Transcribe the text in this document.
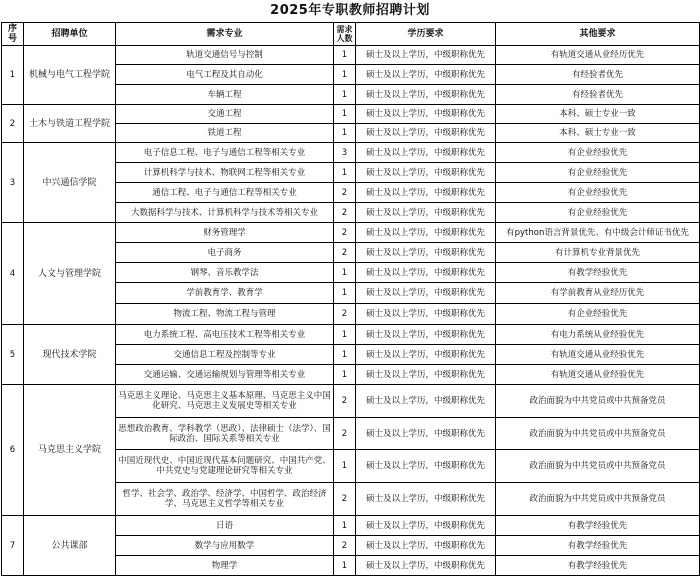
2025年专职教师招聘计划
序号	招聘单位	需求专业	需求人数	学历要求	其他要求
1	机械与电气工程学院	轨道交通信号与控制	1	硕士及以上学历，中级职称优先	有轨道交通从业经历优先
		电气工程及其自动化	1	硕士及以上学历，中级职称优先	有经验者优先
		车辆工程	1	硕士及以上学历，中级职称优先	有经验者优先
2	土木与铁道工程学院	交通工程	1	硕士及以上学历，中级职称优先	本科、硕士专业一致
		铁道工程	1	硕士及以上学历，中级职称优先	本科、硕士专业一致
3	中兴通信学院	电子信息工程、电子与通信工程等相关专业	3	硕士及以上学历，中级职称优先	有企业经验优先
		计算机科学与技术、物联网工程等相关专业	1	硕士及以上学历，中级职称优先	有企业经验优先
		通信工程、电子与通信工程等相关专业	2	硕士及以上学历，中级职称优先	有企业经验优先
		大数据科学与技术、计算机科学与技术等相关专业	2	硕士及以上学历，中级职称优先	有企业经验优先
4	人文与管理学院	财务管理学	2	硕士及以上学历，中级职称优先	有python语言背景优先、有中级会计师证书优先
		电子商务	2	硕士及以上学历，中级职称优先	有计算机专业背景优先
		钢琴、音乐教学法	1	硕士及以上学历，中级职称优先	有教学经验优先
		学前教育学、教育学	1	硕士及以上学历，中级职称优先	有学前教育从业经历优先
		物流工程、物流工程与管理	2	硕士及以上学历，中级职称优先	有企业经验优先
5	现代技术学院	电力系统工程、高电压技术工程等相关专业	1	硕士及以上学历，中级职称优先	有电力系统从业经验优先
		交通信息工程及控制等专业	1	硕士及以上学历，中级职称优先	有轨道交通从业经验优先
		交通运输、交通运输规划与管理等相关专业	1	硕士及以上学历，中级职称优先	有轨道交通从业经验优先
6	马克思主义学院	马克思主义理论、马克思主义基本原理、马克思主义中国化研究、马克思主义发展史等相关专业	2	硕士及以上学历，中级职称优先	政治面貌为中共党员或中共预备党员
		思想政治教育、学科教学（思政）、法律硕士（法学）、国际政治、国际关系等相关专业	2	硕士及以上学历，中级职称优先	政治面貌为中共党员或中共预备党员
		中国近现代史、中国近现代基本问题研究、中国共产党、中共党史与党建理论研究等相关专业	1	硕士及以上学历，中级职称优先	政治面貌为中共党员或中共预备党员
		哲学、社会学、政治学、经济学、中国哲学、政治经济学、马克思主义哲学等相关专业	2	硕士及以上学历，中级职称优先	政治面貌为中共党员或中共预备党员
7	公共课部	日语	1	硕士及以上学历，中级职称优先	有教学经验优先
		数学与应用数学	2	硕士及以上学历，中级职称优先	有教学经验优先
		物理学	1	硕士及以上学历，中级职称优先	有教学经验优先
